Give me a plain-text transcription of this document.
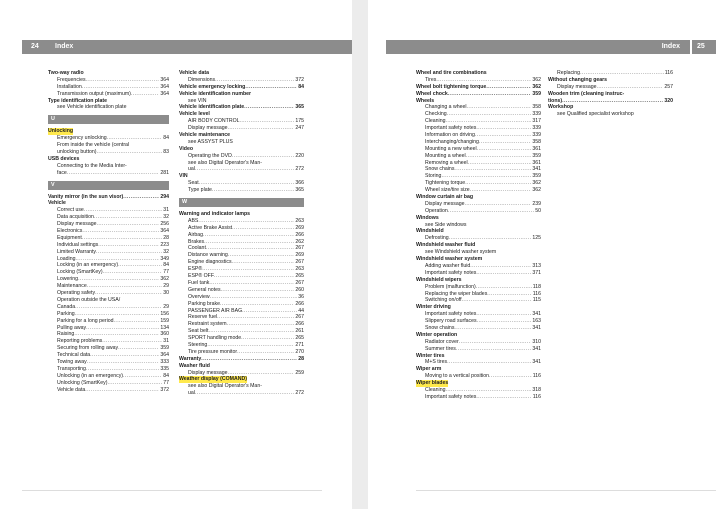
24 Index
Two-way radio
Frequencies .....	364
Installation .....	364
Transmission output (maximum) .....	364
Type identification plate
see Vehicle identification plate
U
Unlocking
Emergency unlocking .....	84
From inside the vehicle (central
unlocking button) .....	83
USB devices
Connecting to the Media Inter-
face .....	281
V
Vanity mirror (in the sun visor) .....	294
Vehicle
Correct use .....	31
Data acquisition .....	32
Display message .....	256
Electronics .....	364
Equipment .....	28
Individual settings .....	223
Limited Warranty .....	32
Loading .....	349
Locking (in an emergency) .....	84
Locking (SmartKey) .....	77
Lowering .....	362
Maintenance .....	29
Operating safety .....	30
Operation outside the USA/
Canada .....	29
Parking .....	156
Parking for a long period .....	159
Pulling away .....	134
Raising .....	360
Reporting problems .....	31
Securing from rolling away .....	359
Technical data .....	364
Towing away .....	333
Transporting .....	335
Unlocking (in an emergency) .....	84
Unlocking (SmartKey) .....	77
Vehicle data .....	372
Vehicle data
Dimensions .....	372
Vehicle emergency locking .....	84
Vehicle identification number
see VIN
Vehicle identification plate .....	365
Vehicle level
AIR BODY CONTROL .....	175
Display message .....	247
Vehicle maintenance
see ASSYST PLUS
Video
Operating the DVD .....	220
see also Digital Operator's Man-
ual .....	272
VIN
Seat .....	366
Type plate .....	365
W
Warning and indicator lamps
ABS .....	263
Active Brake Assist .....	269
Airbag .....	266
Brakes .....	262
Coolant .....	267
Distance warning .....	269
Engine diagnostics .....	267
ESP® .....	263
ESP® OFF .....	265
Fuel tank .....	267
General notes .....	260
Overview .....	36
Parking brake .....	266
PASSENGER AIR BAG .....	44
Reserve fuel .....	267
Restraint system .....	266
Seat belt .....	261
SPORT handling mode .....	265
Steering .....	271
Tire pressure monitor .....	270
Warranty .....	28
Washer fluid
Display message .....	259
Weather display (COMAND)
see also Digital Operator's Man-
ual .....	272
Index 25
Wheel and tire combinations
Tires .....	362
Wheel bolt tightening torque .....	362
Wheel chock .....	359
Wheels
Changing a wheel .....	358
Checking .....	339
Cleaning .....	317
Important safety notes .....	339
Information on driving .....	339
Interchanging/changing .....	358
Mounting a new wheel .....	361
Mounting a wheel .....	359
Removing a wheel .....	361
Snow chains .....	341
Storing .....	359
Tightening torque .....	362
Wheel size/tire size .....	362
Window curtain air bag
Display message .....	239
Operation .....	50
Windows
see Side windows
Windshield
Defrosting .....	125
Windshield washer fluid
see Windshield washer system
Windshield washer system
Adding washer fluid .....	313
Important safety notes .....	371
Windshield wipers
Problem (malfunction) .....	118
Replacing the wiper blades .....	116
Switching on/off .....	115
Winter driving
Important safety notes .....	341
Slippery road surfaces .....	163
Snow chains .....	341
Winter operation
Radiator cover .....	310
Summer tires .....	341
Winter tires
M+S tires .....	341
Wiper arm
Moving to a vertical position .....	116
Wiper blades
Cleaning .....	318
Important safety notes .....	116
Replacing .....	116
Without changing gears
Display message .....	257
Wooden trim (cleaning instruc-
tions) .....	320
Workshop
see Qualified specialist workshop
